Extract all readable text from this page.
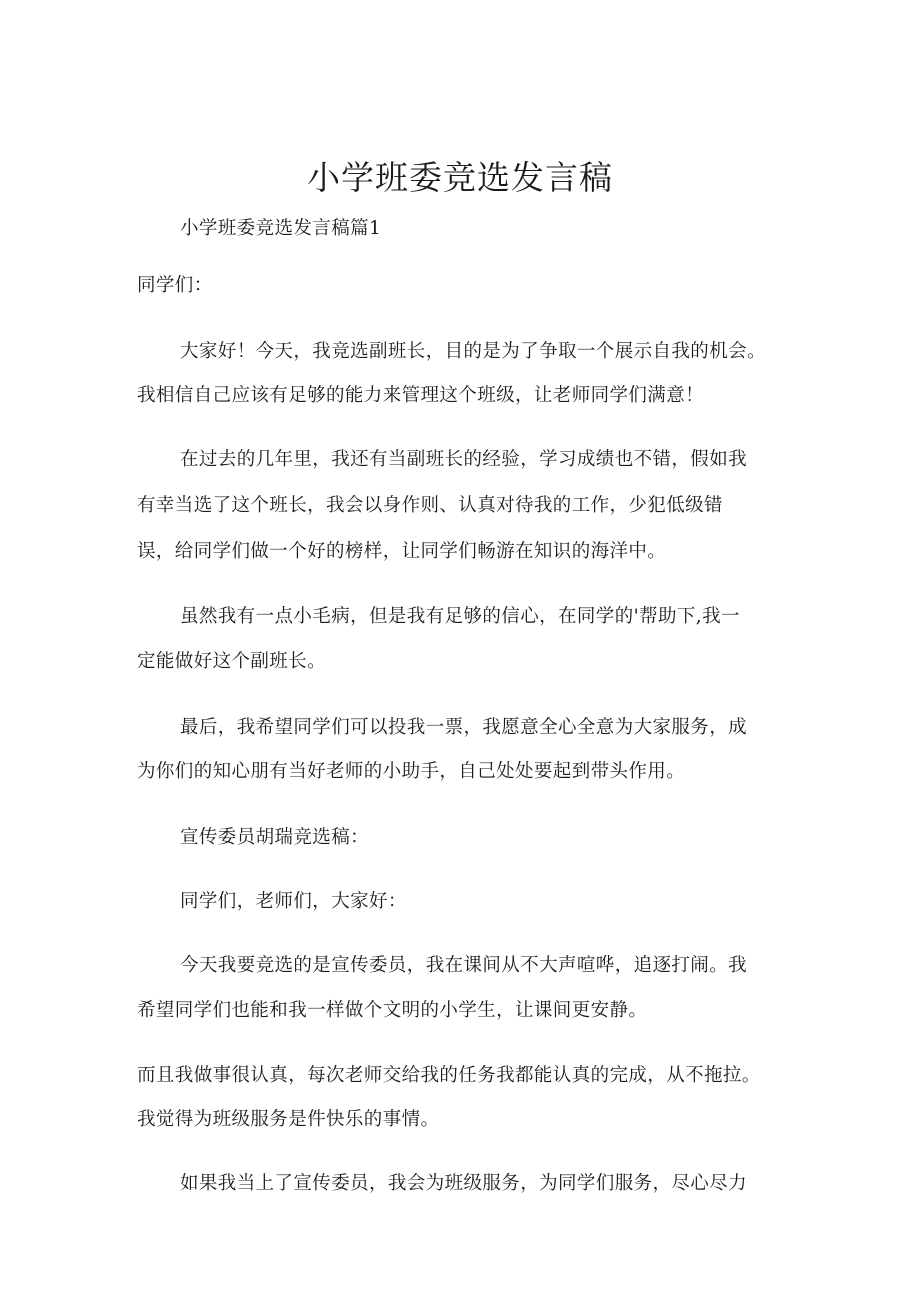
小学班委竞选发言稿
小学班委竞选发言稿篇1
同学们：
大家好！今天，我竞选副班长，目的是为了争取一个展示自我的机会。
我相信自己应该有足够的能力来管理这个班级，让老师同学们满意！
在过去的几年里，我还有当副班长的经验，学习成绩也不错，假如我
有幸当选了这个班长，我会以身作则、认真对待我的工作，少犯低级错
误，给同学们做一个好的榜样，让同学们畅游在知识的海洋中。
虽然我有一点小毛病，但是我有足够的信心，在同学的'帮助下,我一
定能做好这个副班长。
最后，我希望同学们可以投我一票，我愿意全心全意为大家服务，成
为你们的知心朋有当好老师的小助手，自己处处要起到带头作用。
宣传委员胡瑞竞选稿：
同学们，老师们，大家好：
今天我要竞选的是宣传委员，我在课间从不大声喧哗，追逐打闹。我
希望同学们也能和我一样做个文明的小学生，让课间更安静。
而且我做事很认真，每次老师交给我的任务我都能认真的完成，从不拖拉。
我觉得为班级服务是件快乐的事情。
如果我当上了宣传委员，我会为班级服务，为同学们服务，尽心尽力
